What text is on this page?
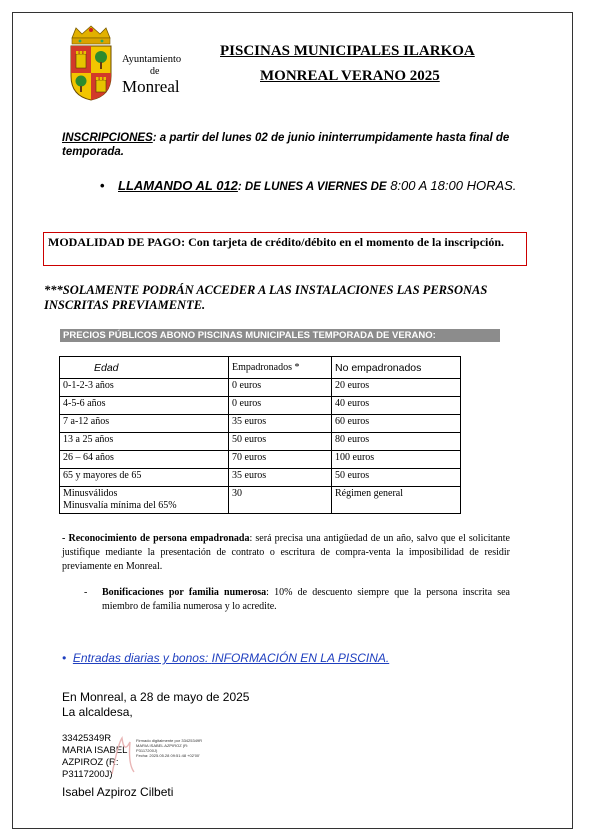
Ayuntamiento
de
Monreal
PISCINAS MUNICIPALES ILARKOA
MONREAL VERANO 2025
INSCRIPCIONES: a partir del lunes 02 de junio ininterrumpidamente hasta final de temporada.
• LLAMANDO AL 012: DE LUNES A VIERNES DE 8:00 A 18:00 HORAS.
MODALIDAD DE PAGO: Con tarjeta de crédito/débito en el momento de la inscripción.
***SOLAMENTE PODRÁN ACCEDER A LAS INSTALACIONES LAS PERSONAS INSCRITAS PREVIAMENTE.
PRECIOS PÚBLICOS ABONO PISCINAS MUNICIPALES TEMPORADA DE VERANO:
Edad	Empadronados *	No empadronados
0-1-2-3 años	0 euros	20 euros
4-5-6 años	0 euros	40 euros
7 a-12 años	35 euros	60 euros
13 a 25 años	50 euros	80 euros
26 – 64 años	70 euros	100 euros
65 y mayores de 65	35 euros	50 euros
Minusválidos
Minusvalía mínima del 65%	30	Régimen general
- Reconocimiento de persona empadronada: será precisa una antigüedad de un año, salvo que el solicitante justifique mediante la presentación de contrato o escritura de compra-venta la imposibilidad de residir previamente en Monreal.
- Bonificaciones por familia numerosa: 10% de descuento siempre que la persona inscrita sea miembro de familia numerosa y lo acredite.
•  Entradas diarias y bonos: INFORMACIÓN EN LA PISCINA.
En Monreal, a 28 de mayo de 2025
La alcaldesa,
33425349R
MARIA ISABEL
AZPIROZ (R:
P3117200J)
Firmado digitalmente por 33425349R
MARIA ISABEL AZPIROZ (R:
P3117200J)
Fecha: 2025.05.28 09:51:48 +02'00'
Isabel Azpiroz Cilbeti
